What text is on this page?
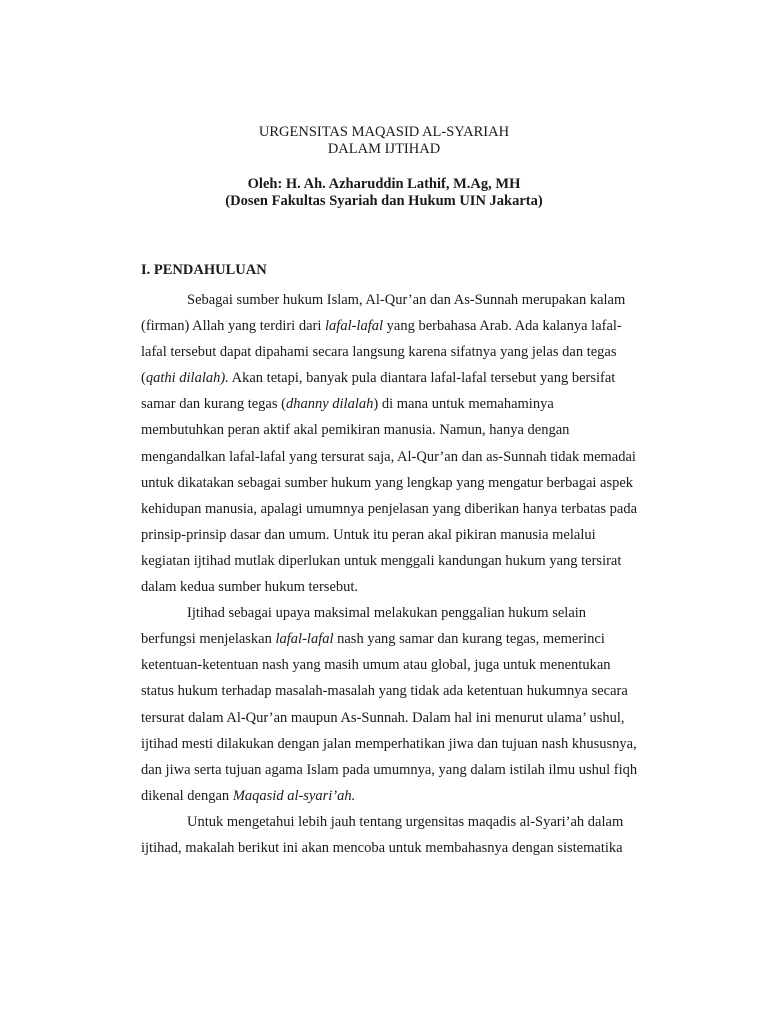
URGENSITAS MAQASID AL-SYARIAH
DALAM IJTIHAD
Oleh: H. Ah. Azharuddin Lathif, M.Ag, MH
(Dosen Fakultas Syariah dan Hukum UIN Jakarta)
I. PENDAHULUAN
Sebagai sumber hukum Islam, Al-Qur’an dan As-Sunnah merupakan kalam
(firman) Allah yang terdiri dari lafal-lafal yang berbahasa Arab. Ada kalanya lafal-
lafal tersebut dapat dipahami secara langsung karena sifatnya yang jelas dan tegas
(qathi dilalah). Akan tetapi, banyak pula diantara lafal-lafal tersebut yang bersifat
samar dan kurang tegas (dhanny dilalah) di mana untuk memahaminya
membutuhkan peran aktif akal pemikiran manusia. Namun, hanya dengan
mengandalkan lafal-lafal yang tersurat saja, Al-Qur’an dan as-Sunnah tidak memadai
untuk dikatakan sebagai sumber hukum yang lengkap yang mengatur berbagai aspek
kehidupan manusia, apalagi umumnya penjelasan yang diberikan hanya terbatas pada
prinsip-prinsip dasar dan umum. Untuk itu peran akal pikiran manusia melalui
kegiatan ijtihad mutlak diperlukan untuk menggali kandungan hukum yang tersirat
dalam kedua sumber hukum tersebut.
Ijtihad sebagai upaya maksimal melakukan penggalian hukum selain
berfungsi menjelaskan lafal-lafal nash yang samar dan kurang tegas, memerinci
ketentuan-ketentuan nash yang masih umum atau global, juga untuk menentukan
status hukum terhadap masalah-masalah yang tidak ada ketentuan hukumnya secara
tersurat dalam Al-Qur’an maupun As-Sunnah. Dalam hal ini menurut ulama’ ushul,
ijtihad mesti dilakukan dengan jalan memperhatikan jiwa dan tujuan nash khususnya,
dan jiwa serta tujuan agama Islam pada umumnya, yang dalam istilah ilmu ushul fiqh
dikenal dengan Maqasid al-syari’ah.
Untuk mengetahui lebih jauh tentang urgensitas maqadis al-Syari’ah dalam
ijtihad, makalah berikut ini akan mencoba untuk membahasnya dengan sistematika
